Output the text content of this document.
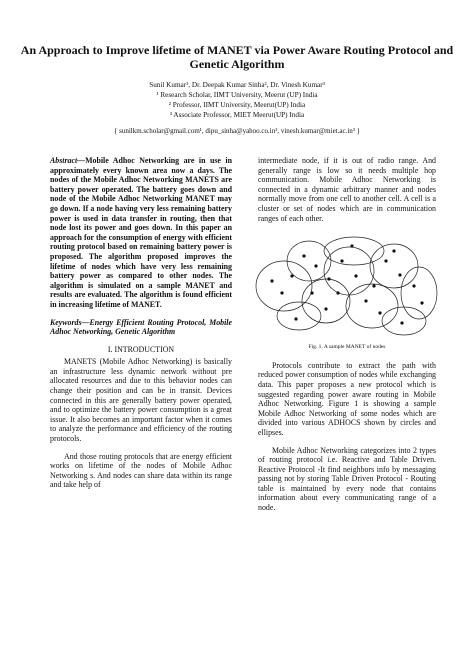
An Approach to Improve lifetime of MANET via Power Aware Routing Protocol and Genetic Algorithm
Sunil Kumar¹, Dr. Deepak Kumar Sinha², Dr. Vinesh Kumar³
¹ Research Scholar, IIMT University, Meerut (UP) India
² Professor, IIMT University, Meerut(UP) India
³ Associate Professor, MIET Meerut(UP) India
{ sunilkm.scholar@gmail.com¹, dipu_sinha@yahoo.co.in², vinesh.kumar@miet.ac.in³ }
Abstract—Mobile Adhoc Networking are in use in approximately every known area now a days. The nodes of the Mobile Adhoc Networking MANETS are battery power operated. The battery goes down and node of the Mobile Adhoc Networking MANET may go down. If a node having very less remaining battery power is used in data transfer in routing, then that node lost its power and goes down. In this paper an approach for the consumption of energy with efficient routing protocol based on remaining battery power is proposed. The algorithm proposed improves the lifetime of nodes which have very less remaining battery power as compared to other nodes. The algorithm is simulated on a sample MANET and results are evaluated. The algorithm is found efficient in increasing lifetime of MANET.
Keywords—Energy Efficient Routing Protocol, Mobile Adhoc Networking, Genetic Algorithm
I. INTRODUCTION

MANETS (Mobile Adhoc Networking) is basically an infrastructure less dynamic network without pre allocated resources and due to this behavior nodes can change their position and can be in transit. Devices connected in this are generally battery power operated, and to optimize the battery power consumption is a great issue. It also becomes an important factor when it comes to analyze the performance and efficiency of the routing protocols.

And those routing protocols that are energy efficient works on lifetime of the nodes of Mobile Adhoc Networking s. And nodes can share data within its range and take help of

intermediate node, if it is out of radio range. And generally range is low so it needs multiple hop communication. Mobile Adhoc Networking is connected in a dynamic arbitrary manner and nodes normally move from one cell to another cell. A cell is a cluster or set of nodes which are in communication ranges of each other.

Fig. 1. A sample MANET of nodes

Protocols contribute to extract the path with reduced power consumption of nodes while exchanging data. This paper proposes a new protocol which is suggested regarding power aware routing in Mobile Adhoc Networking. Figure 1 is showing a sample Mobile Adhoc Networking of some nodes which are divided into various ADHOCS shown by circles and ellipses.

Mobile Adhoc Networking categorizes into 2 types of routing protocol i.e. Reactive and Table Driven. Reactive Protocol -It find neighbors info by messaging passing not by storing Table Driven Protocol - Routing table is maintained by every node that contains information about every communicating range of a node.
